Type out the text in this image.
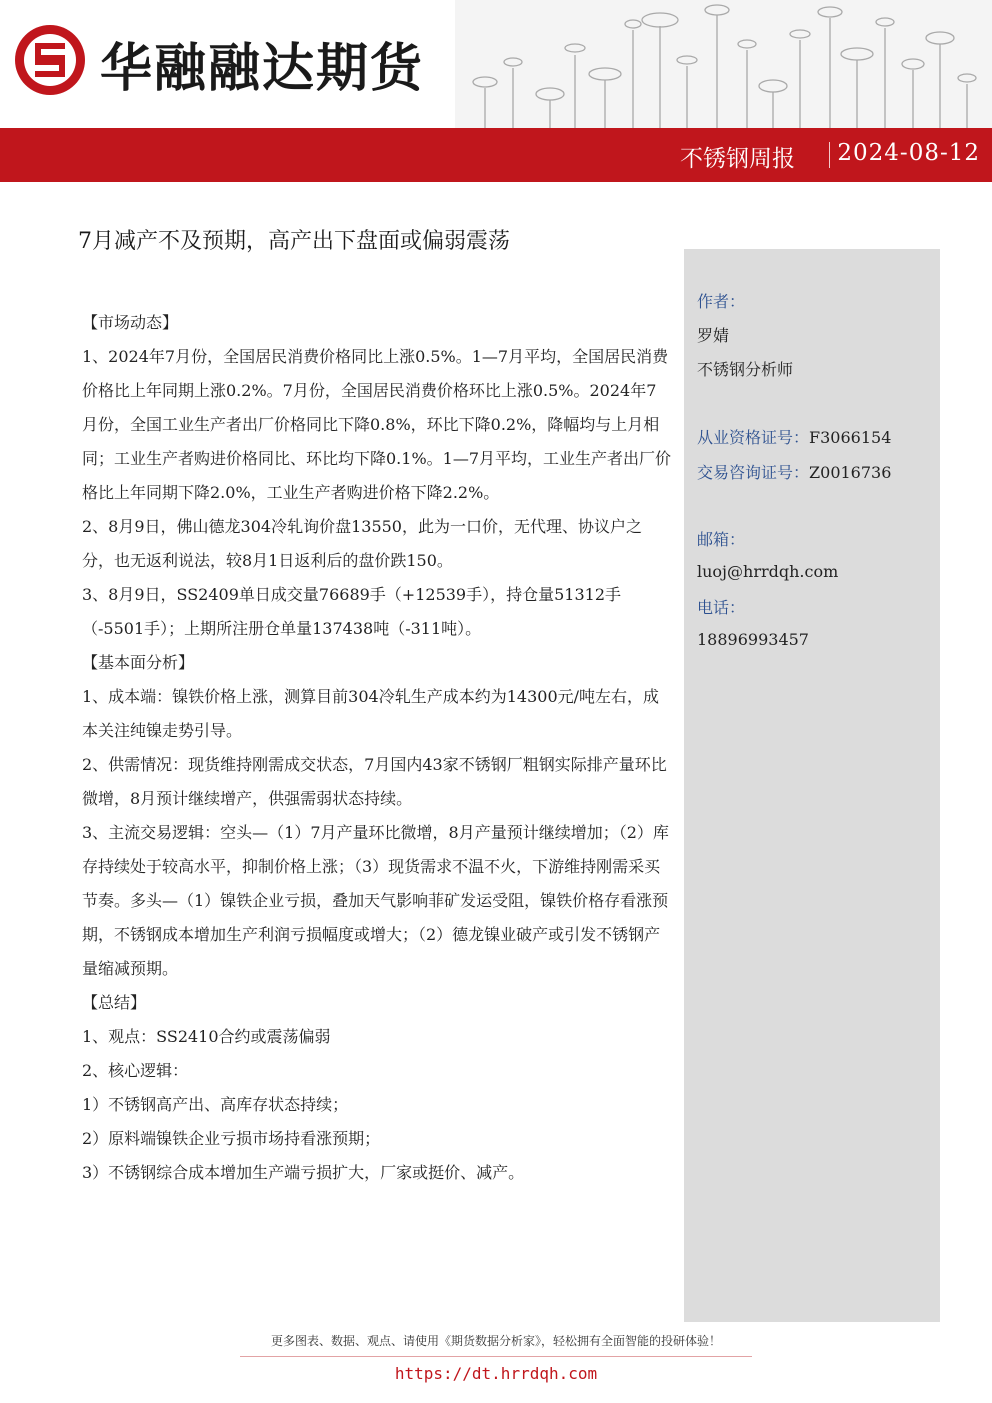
华融融达期货
不锈钢周报 2024-08-12
7月减产不及预期，高产出下盘面或偏弱震荡

【市场动态】

1、2024年7月份，全国居民消费价格同比上涨0.5%。1—7月平均，全国居民消费价格比上年同期上涨0.2%。7月份，全国居民消费价格环比上涨0.5%。2024年7月份，全国工业生产者出厂价格同比下降0.8%，环比下降0.2%，降幅均与上月相同；工业生产者购进价格同比、环比均下降0.1%。1—7月平均，工业生产者出厂价格比上年同期下降2.0%，工业生产者购进价格下降2.2%。

2、8月9日，佛山德龙304冷轧询价盘13550，此为一口价，无代理、协议户之分，也无返利说法，较8月1日返利后的盘价跌150。

3、8月9日，SS2409单日成交量76689手（+12539手），持仓量51312手（-5501手）；上期所注册仓单量137438吨（-311吨）。

【基本面分析】

1、成本端：镍铁价格上涨，测算目前304冷轧生产成本约为14300元/吨左右，成本关注纯镍走势引导。

2、供需情况：现货维持刚需成交状态，7月国内43家不锈钢厂粗钢实际排产量环比微增，8月预计继续增产，供强需弱状态持续。

3、主流交易逻辑：空头—（1）7月产量环比微增，8月产量预计继续增加；（2）库存持续处于较高水平，抑制价格上涨；（3）现货需求不温不火，下游维持刚需采买节奏。多头—（1）镍铁企业亏损，叠加天气影响菲矿发运受阻，镍铁价格存看涨预期，不锈钢成本增加生产利润亏损幅度或增大；（2）德龙镍业破产或引发不锈钢产量缩减预期。

【总结】

1、观点：SS2410合约或震荡偏弱

2、核心逻辑：

1）不锈钢高产出、高库存状态持续；

2）原料端镍铁企业亏损市场持看涨预期；

3）不锈钢综合成本增加生产端亏损扩大，厂家或挺价、减产。

作者：
罗婧
不锈钢分析师
从业资格证号：F3066154
交易咨询证号：Z0016736
邮箱：
luoj@hrrdqh.com
电话：
18896993457
更多图表、数据、观点、请使用《期货数据分析家》，轻松拥有全面智能的投研体验！
https://dt.hrrdqh.com
